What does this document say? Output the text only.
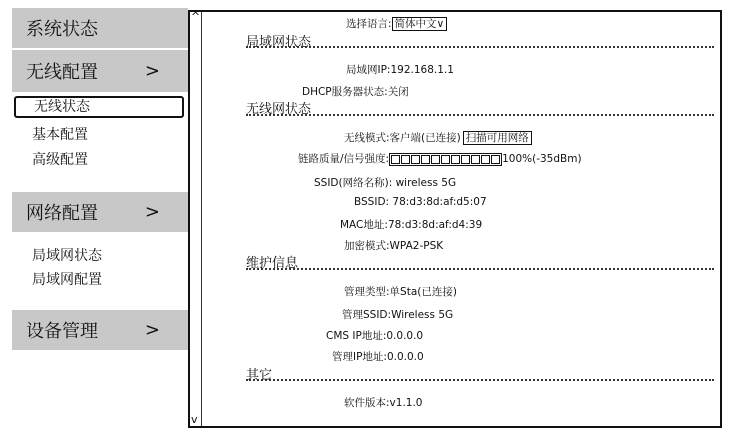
系统状态
无线配置	>
无线状态
基本配置
高级配置
网络配置	>
局域网状态
局域网配置
设备管理	>
^
v
选择语言: 简体中文∨
局域网状态
局域网IP:192.168.1.1
DHCP服务器状态:关闭
无线网状态
无线模式:客户端(已连接) 扫描可用网络
链路质量/信号强度:	100%(-35dBm)
SSID(网络名称): wireless 5G
BSSID: 78:d3:8d:af:d5:07
MAC地址:78:d3:8d:af:d4:39
加密模式:WPA2-PSK
维护信息
管理类型:单Sta(已连接)
管理SSID:Wireless 5G
CMS IP地址:0.0.0.0
管理IP地址:0.0.0.0
其它
软件版本:v1.1.0
